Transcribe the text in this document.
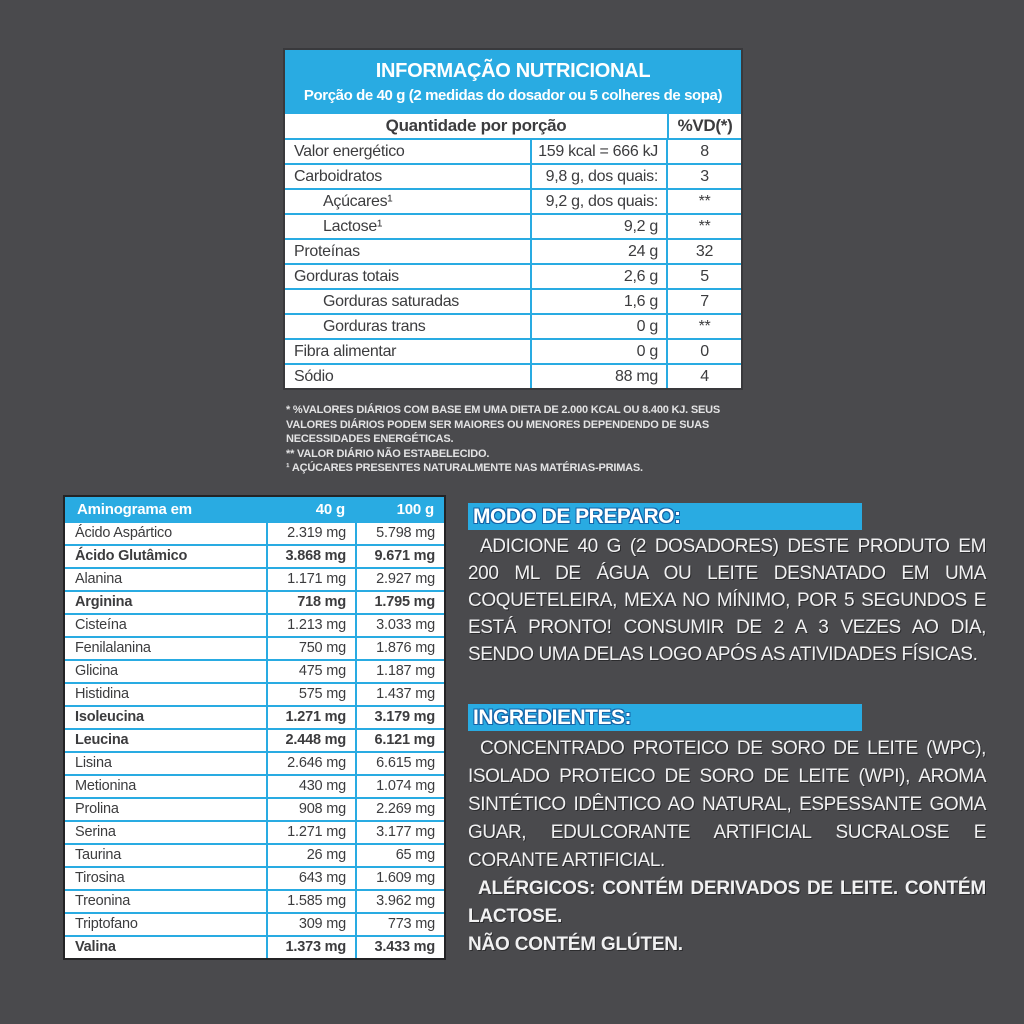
INFORMAÇÃO NUTRICIONAL
Porção de 40 g (2 medidas do dosador ou 5 colheres de sopa)
Quantidade por porção	%VD(*)
Valor energético	159 kcal = 666 kJ	8
Carboidratos	9,8 g, dos quais:	3
Açúcares¹	9,2 g, dos quais:	**
Lactose¹	9,2 g	**
Proteínas	24 g	32
Gorduras totais	2,6 g	5
Gorduras saturadas	1,6 g	7
Gorduras trans	0 g	**
Fibra alimentar	0 g	0
Sódio	88 mg	4
* %VALORES DIÁRIOS COM BASE EM UMA DIETA DE 2.000 KCAL OU 8.400 KJ. SEUS VALORES DIÁRIOS PODEM SER MAIORES OU MENORES DEPENDENDO DE SUAS NECESSIDADES ENERGÉTICAS.
** VALOR DIÁRIO NÃO ESTABELECIDO.
¹ AÇÚCARES PRESENTES NATURALMENTE NAS MATÉRIAS-PRIMAS.
Aminograma em	40 g	100 g
Ácido Aspártico	2.319 mg	5.798 mg
Ácido Glutâmico	3.868 mg	9.671 mg
Alanina	1.171 mg	2.927 mg
Arginina	718 mg	1.795 mg
Cisteína	1.213 mg	3.033 mg
Fenilalanina	750 mg	1.876 mg
Glicina	475 mg	1.187 mg
Histidina	575 mg	1.437 mg
Isoleucina	1.271 mg	3.179 mg
Leucina	2.448 mg	6.121 mg
Lisina	2.646 mg	6.615 mg
Metionina	430 mg	1.074 mg
Prolina	908 mg	2.269 mg
Serina	1.271 mg	3.177 mg
Taurina	26 mg	65 mg
Tirosina	643 mg	1.609 mg
Treonina	1.585 mg	3.962 mg
Triptofano	309 mg	773 mg
Valina	1.373 mg	3.433 mg
MODO DE PREPARO:
ADICIONE 40 G (2 DOSADORES) DESTE PRODUTO EM 200 ML DE ÁGUA OU LEITE DESNATADO EM UMA COQUETELEIRA, MEXA NO MÍNIMO, POR 5 SEGUNDOS E ESTÁ PRONTO! CONSUMIR DE 2 A 3 VEZES AO DIA, SENDO UMA DELAS LOGO APÓS AS ATIVIDADES FÍSICAS.
INGREDIENTES:
CONCENTRADO PROTEICO DE SORO DE LEITE (WPC), ISOLADO PROTEICO DE SORO DE LEITE (WPI), AROMA SINTÉTICO IDÊNTICO AO NATURAL, ESPESSANTE GOMA GUAR, EDULCORANTE ARTIFICIAL SUCRALOSE E CORANTE ARTIFICIAL.
ALÉRGICOS: CONTÉM DERIVADOS DE LEITE. CONTÉM LACTOSE.
NÃO CONTÉM GLÚTEN.
